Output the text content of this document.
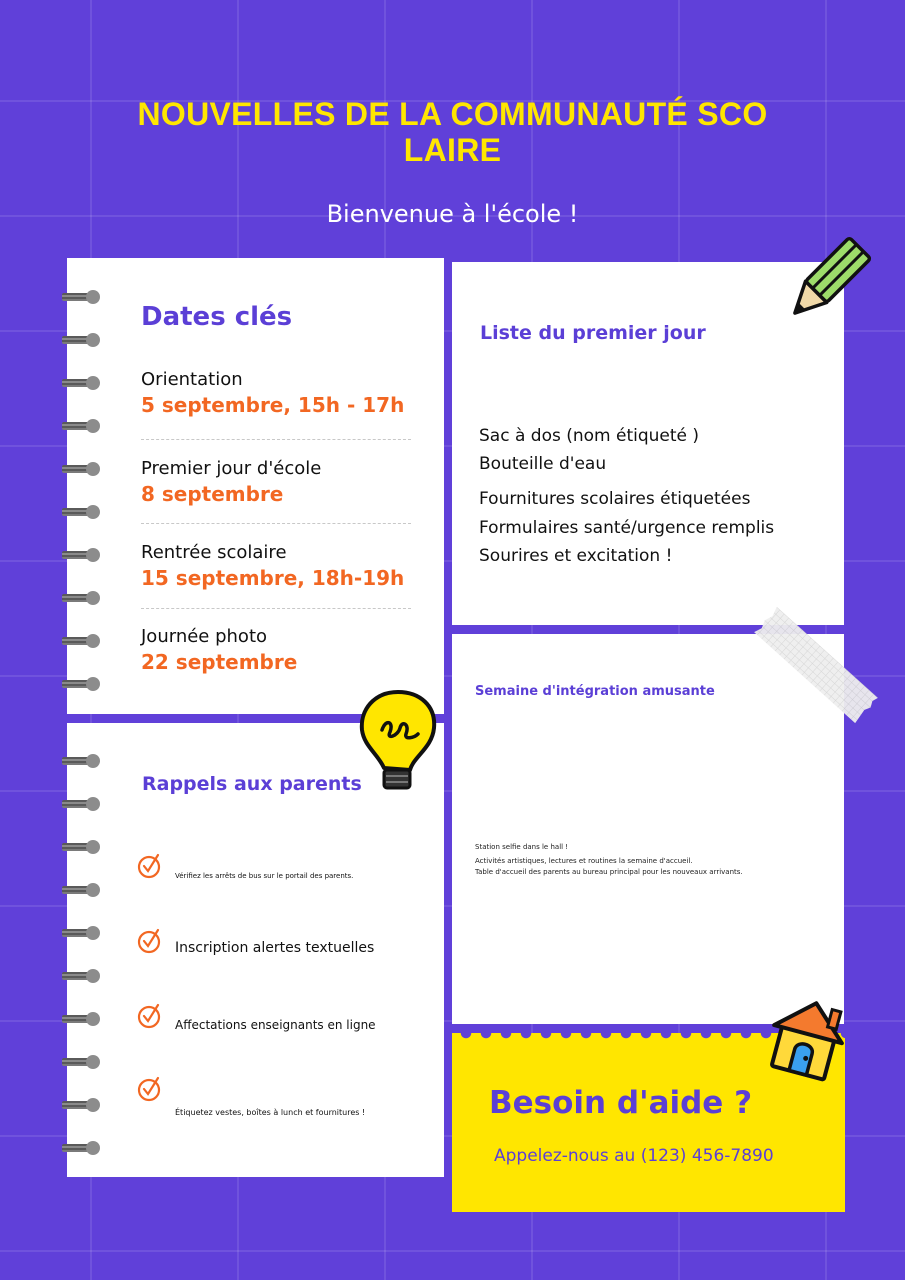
NOUVELLES DE LA COMMUNAUTÉ SCO LAIRE
Bienvenue à l'école !
Dates clés
Orientation
5 septembre, 15h - 17h
Premier jour d'école
8 septembre
Rentrée scolaire
15 septembre, 18h-19h
Journée photo
22 septembre
Rappels aux parents
Vérifiez les arrêts de bus sur le portail des parents.
Inscription alertes textuelles
Affectations enseignants en ligne
Étiquetez vestes, boîtes à lunch et fournitures !
Liste du premier jour
Sac à dos (nom étiqueté )
Bouteille d'eau
Fournitures scolaires étiquetées
Formulaires santé/urgence remplis
Sourires et excitation !
Semaine d'intégration amusante
Station selfie dans le hall !
Activités artistiques, lectures et routines la semaine d'accueil.
Table d'accueil des parents au bureau principal pour les nouveaux arrivants.
Besoin d'aide ?
Appelez-nous au (123) 456-7890
